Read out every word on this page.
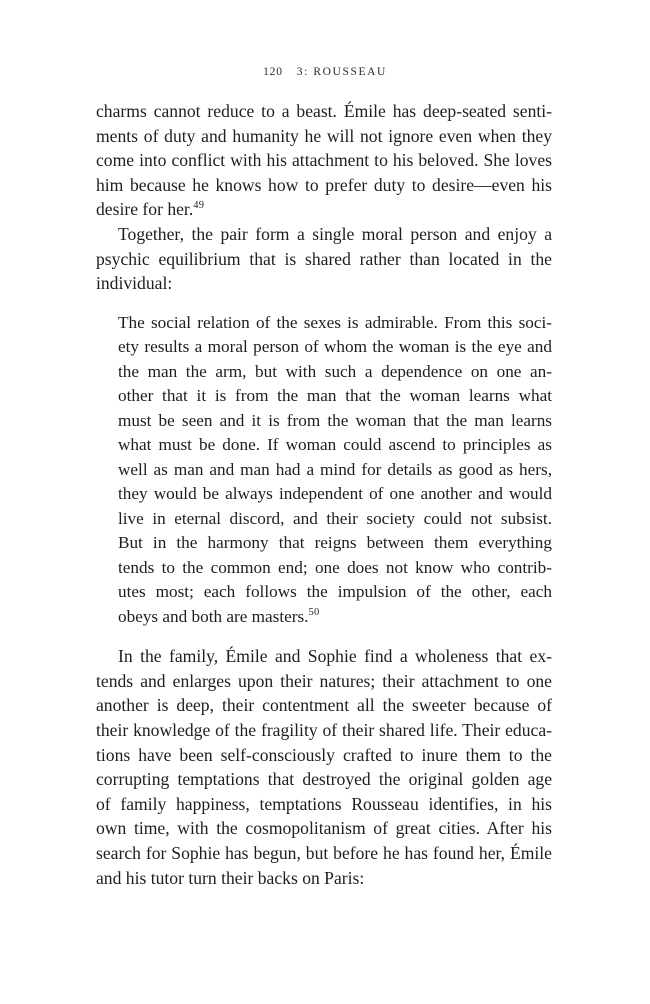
120 3: ROUSSEAU

charms cannot reduce to a beast. Émile has deep-seated senti-
ments of duty and humanity he will not ignore even when they
come into conflict with his attachment to his beloved. She loves
him because he knows how to prefer duty to desire—even his
desire for her.$^{49}$

Together, the pair form a single moral person and enjoy a
psychic equilibrium that is shared rather than located in the
individual:

The social relation of the sexes is admirable. From this soci-
ety results a moral person of whom the woman is the eye and
the man the arm, but with such a dependence on one an-
other that it is from the man that the woman learns what
must be seen and it is from the woman that the man learns
what must be done. If woman could ascend to principles as
well as man and man had a mind for details as good as hers,
they would be always independent of one another and would
live in eternal discord, and their society could not subsist.
But in the harmony that reigns between them everything
tends to the common end; one does not know who contrib-
utes most; each follows the impulsion of the other, each
obeys and both are masters.$^{50}$

In the family, Émile and Sophie find a wholeness that ex-
tends and enlarges upon their natures; their attachment to one
another is deep, their contentment all the sweeter because of
their knowledge of the fragility of their shared life. Their educa-
tions have been self-consciously crafted to inure them to the
corrupting temptations that destroyed the original golden age
of family happiness, temptations Rousseau identifies, in his
own time, with the cosmopolitanism of great cities. After his
search for Sophie has begun, but before he has found her, Émile
and his tutor turn their backs on Paris:
